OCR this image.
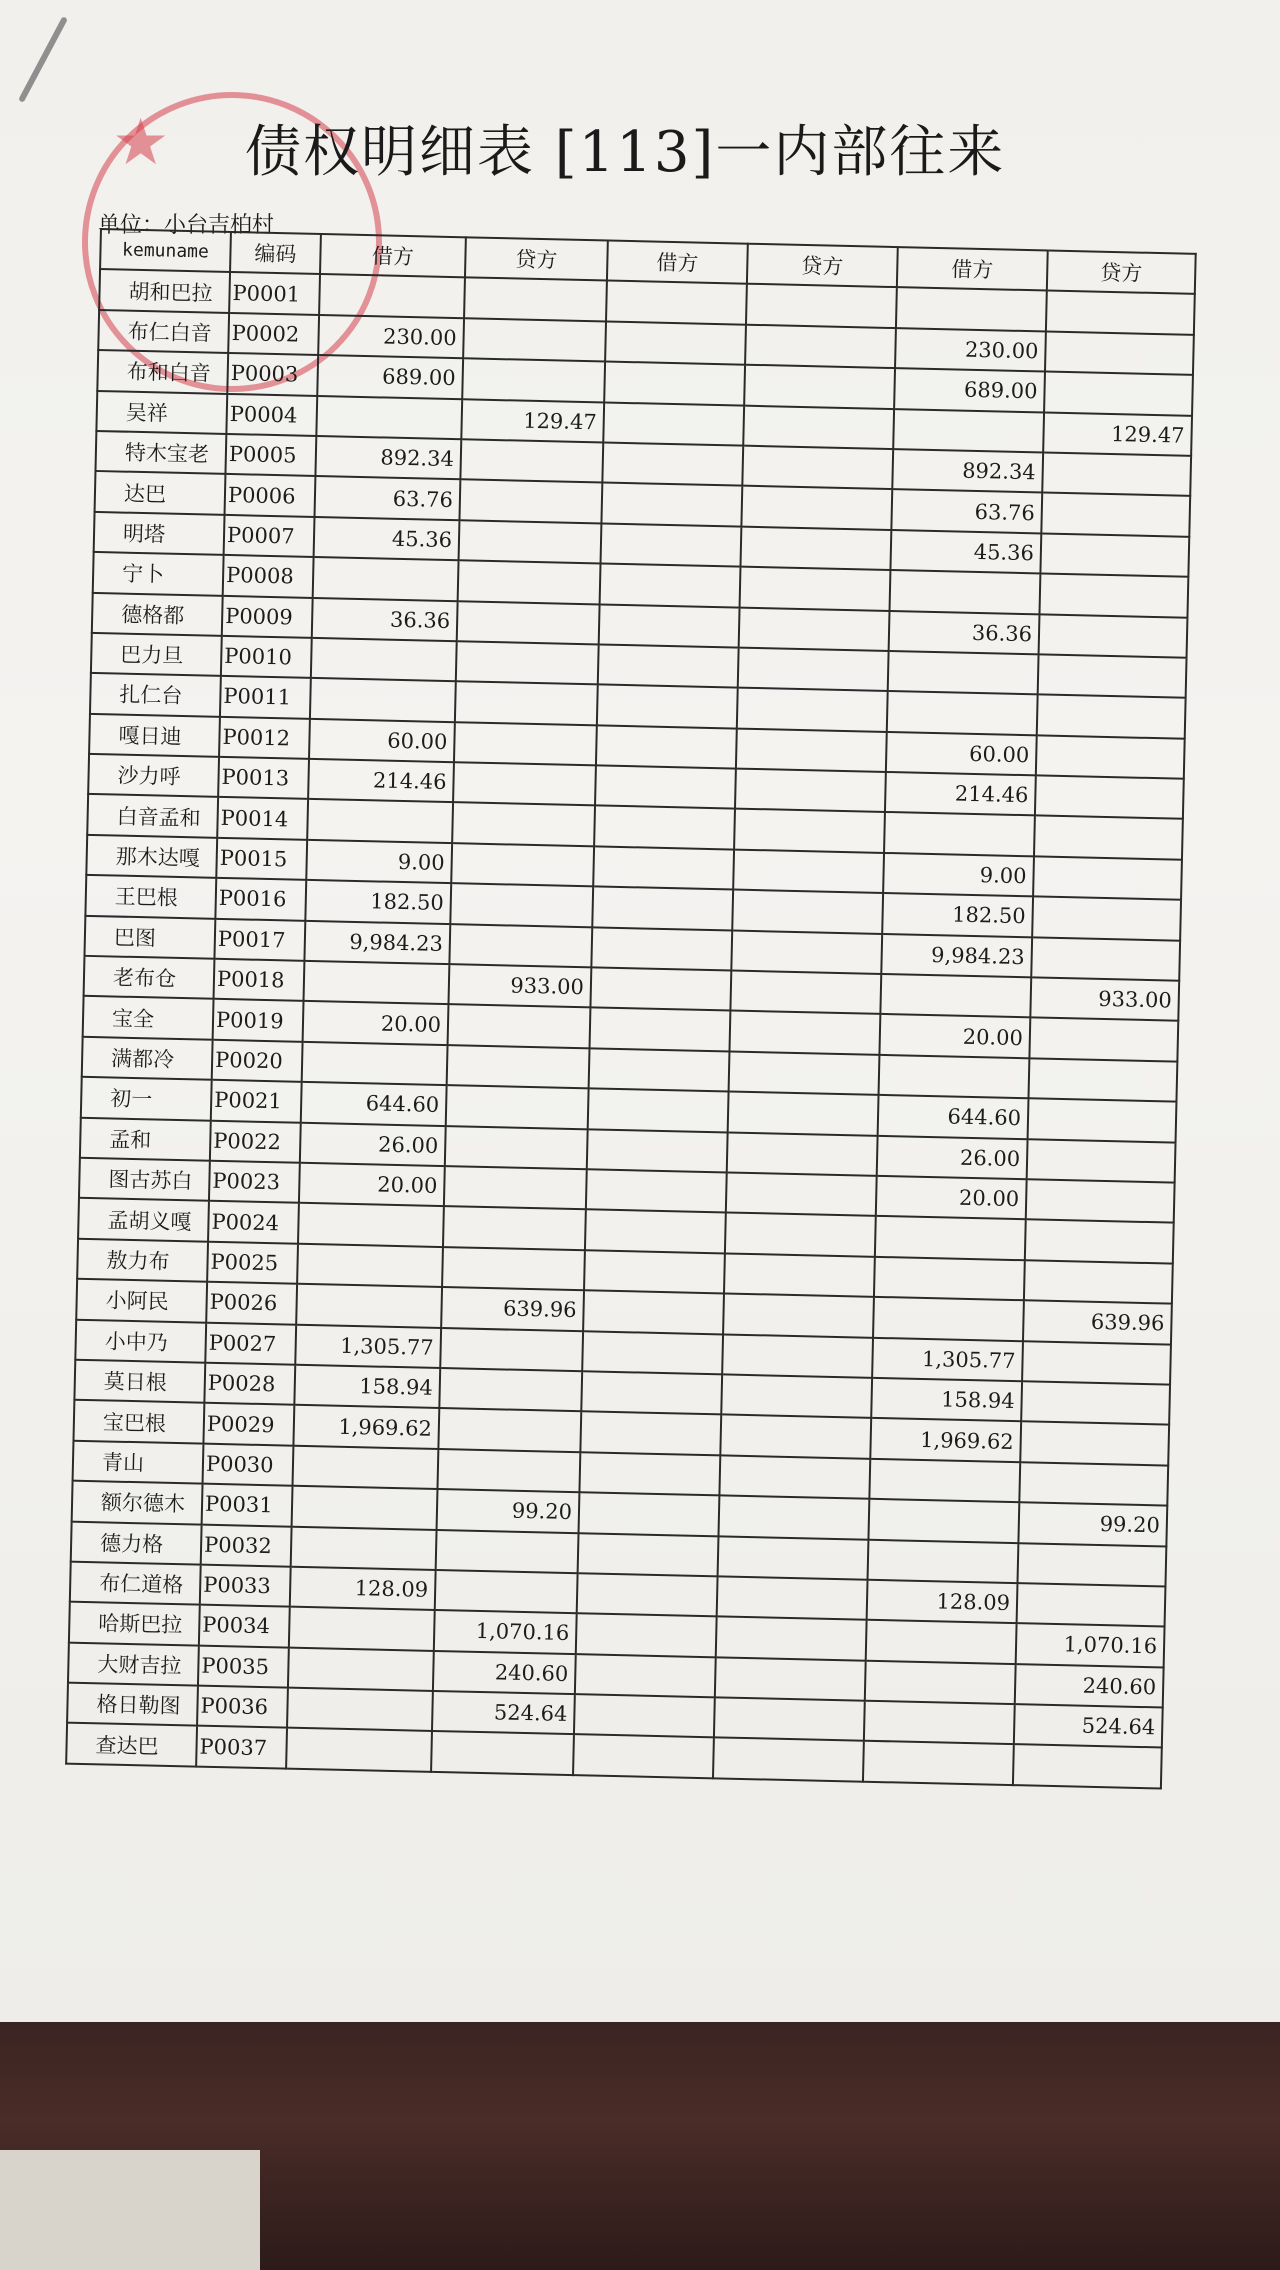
★ 债权明细表 [113]一内部往来
单位：小台吉柏村
kemuname	编码	借方	贷方	借方	贷方	借方	贷方
胡和巴拉	P0001						
布仁白音	P0002	230.00				230.00	
布和白音	P0003	689.00				689.00	
吴祥	P0004		129.47				129.47
特木宝老	P0005	892.34				892.34	
达巴	P0006	63.76				63.76	
明塔	P0007	45.36				45.36	
宁卜	P0008						
德格都	P0009	36.36				36.36	
巴力旦	P0010						
扎仁台	P0011						
嘎日迪	P0012	60.00				60.00	
沙力呼	P0013	214.46				214.46	
白音孟和	P0014						
那木达嘎	P0015	9.00				9.00	
王巴根	P0016	182.50				182.50	
巴图	P0017	9,984.23				9,984.23	
老布仓	P0018		933.00				933.00
宝全	P0019	20.00				20.00	
满都冷	P0020						
初一	P0021	644.60				644.60	
孟和	P0022	26.00				26.00	
图古苏白	P0023	20.00				20.00	
孟胡义嘎	P0024						
敖力布	P0025						
小阿民	P0026		639.96				639.96
小中乃	P0027	1,305.77				1,305.77	
莫日根	P0028	158.94				158.94	
宝巴根	P0029	1,969.62				1,969.62	
青山	P0030						
额尔德木	P0031		99.20				99.20
德力格	P0032						
布仁道格	P0033	128.09				128.09	
哈斯巴拉	P0034		1,070.16				1,070.16
大财吉拉	P0035		240.60				240.60
格日勒图	P0036		524.64				524.64
查达巴	P0037						
